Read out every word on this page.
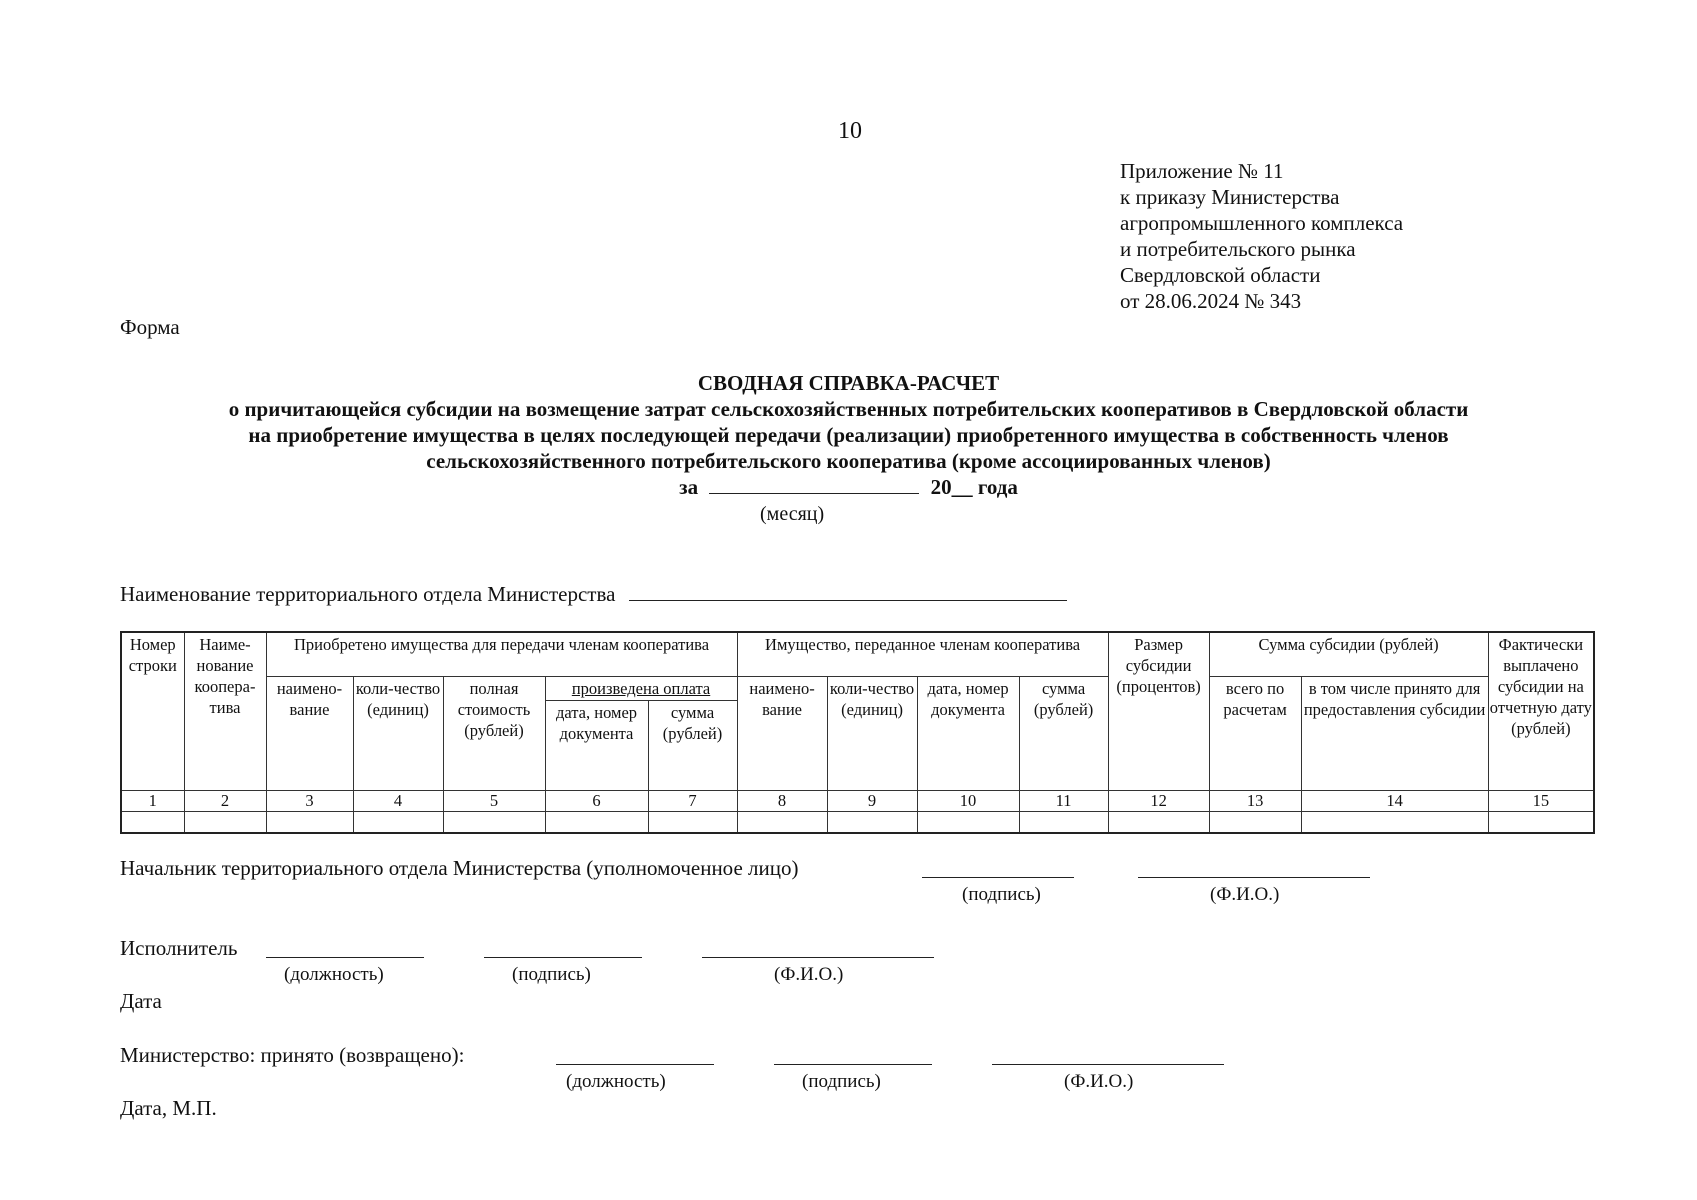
10
Приложение № 11
к приказу Министерства
агропромышленного комплекса
и потребительского рынка
Свердловской области
от 28.06.2024 № 343
Форма
СВОДНАЯ СПРАВКА-РАСЧЕТ
о причитающейся субсидии на возмещение затрат сельскохозяйственных потребительских кооперативов в Свердловской области
на приобретение имущества в целях последующей передачи (реализации) приобретенного имущества в собственность членов
сельскохозяйственного потребительского кооператива (кроме ассоциированных членов)
за	20__ года
(месяц)
Наименование территориального отдела Министерства
Номер строки	Наиме-нование коопера-тива	Приобретено имущества для передачи членам кооператива					Имущество, переданное членам кооператива				Размер субсидии (процентов)	Сумма субсидии (рублей)		Фактически выплачено субсидии на отчетную дату (рублей)
		наимено-вание	коли-чество (единиц)	полная стоимость (рублей)	произведена оплата		наимено-вание	коли-чество (единиц)	дата, номер документа	сумма (рублей)		всего по расчетам	в том числе принято для предоставления субсидии	
					дата, номер документа	сумма (рублей)								
1	2	3	4	5	6	7	8	9	10	11	12	13	14	15

Начальник территориального отдела Министерства (уполномоченное лицо)
(подпись)	(Ф.И.О.)
Исполнитель
(должность)	(подпись)	(Ф.И.О.)
Дата
Министерство: принято (возвращено):
(должность)	(подпись)	(Ф.И.О.)
Дата, М.П.
